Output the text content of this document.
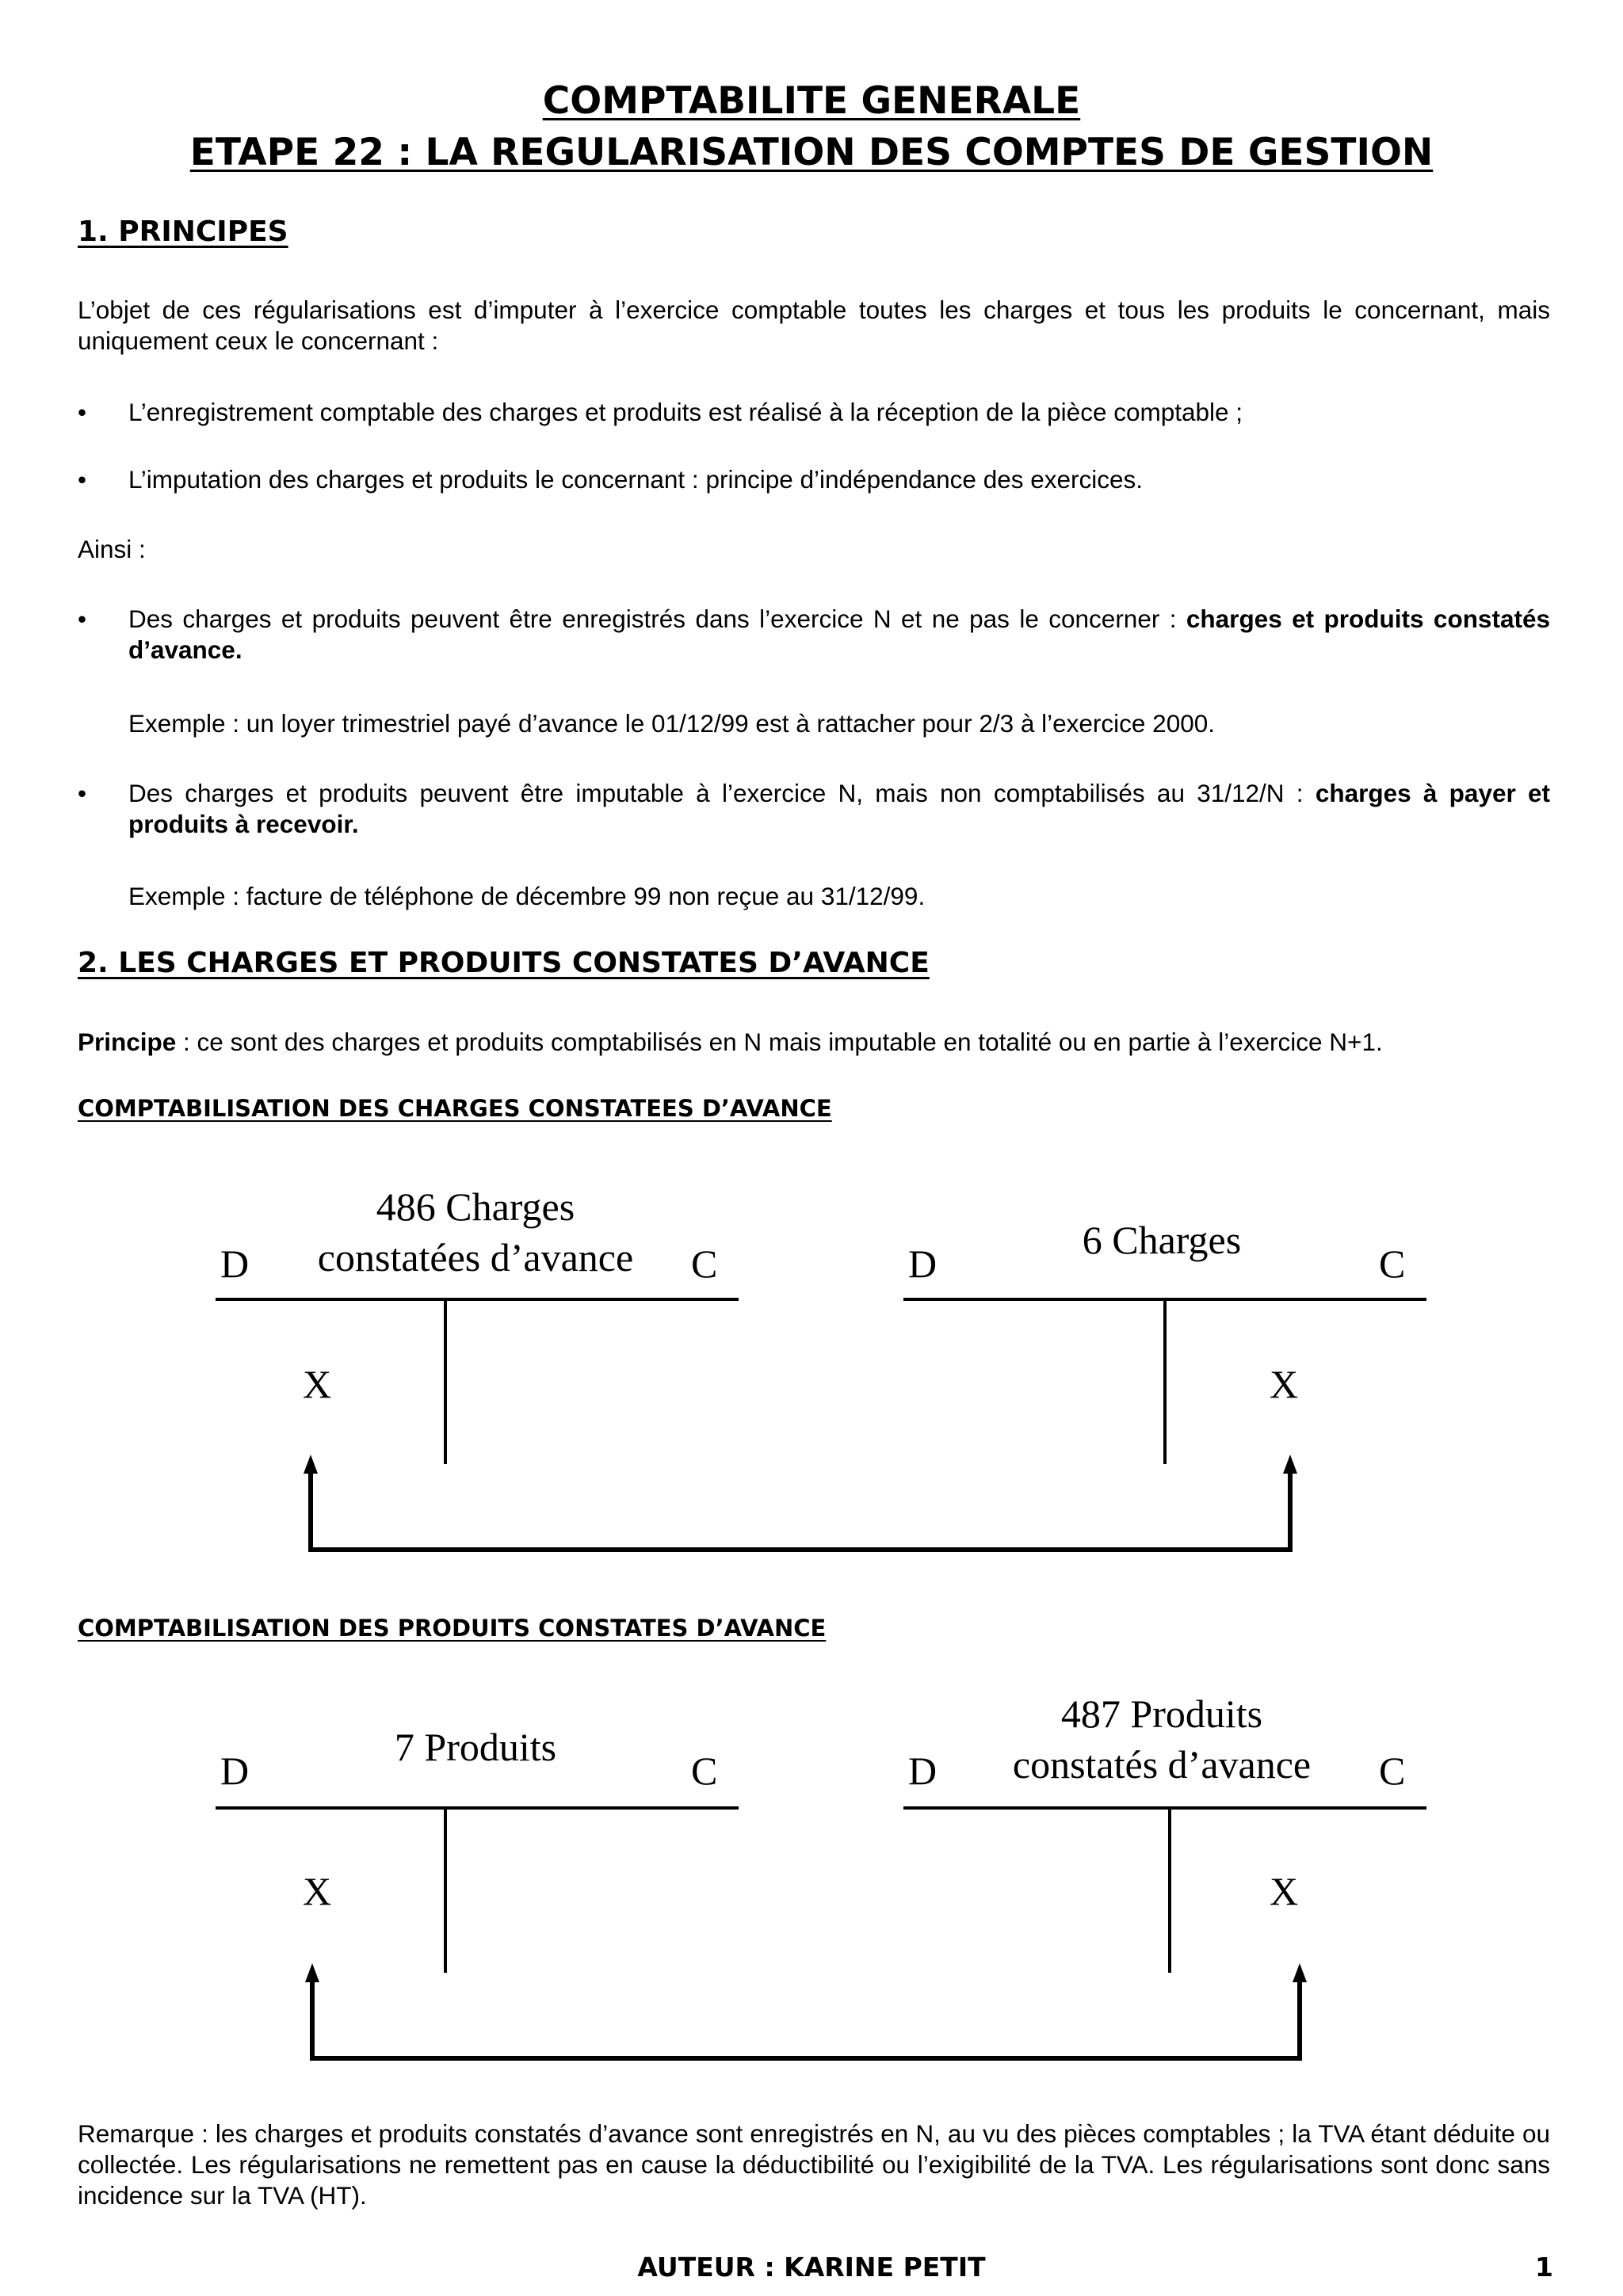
COMPTABILITE GENERALE
ETAPE 22 : LA REGULARISATION DES COMPTES DE GESTION
1. PRINCIPES

L’objet de ces régularisations est d’imputer à l’exercice comptable toutes les charges et tous les produits le concernant, mais uniquement ceux le concernant :

•	L’enregistrement comptable des charges et produits est réalisé à la réception de la pièce comptable ;
•	L’imputation des charges et produits le concernant : principe d’indépendance des exercices.

Ainsi :

•	Des charges et produits peuvent être enregistrés dans l’exercice N et ne pas le concerner : charges et produits constatés d’avance.
Exemple : un loyer trimestriel payé d’avance le 01/12/99 est à rattacher pour 2/3 à l’exercice 2000.
•	Des charges et produits peuvent être imputable à l’exercice N, mais non comptabilisés au 31/12/N : charges à payer et produits à recevoir.
Exemple : facture de téléphone de décembre 99 non reçue au 31/12/99.
2. LES CHARGES ET PRODUITS CONSTATES D’AVANCE

Principe : ce sont des charges et produits comptabilisés en N mais imputable en totalité ou en partie à l’exercice N+1.

COMPTABILISATION DES CHARGES CONSTATEES D’AVANCE
486 Charges
constatées d’avance
D	C
X
6 Charges
D	C
X
COMPTABILISATION DES PRODUITS CONSTATES D’AVANCE
7 Produits
D	C
X
487 Produits
constatés d’avance
D	C
X

Remarque : les charges et produits constatés d’avance sont enregistrés en N, au vu des pièces comptables ; la TVA étant déduite ou collectée. Les régularisations ne remettent pas en cause la déductibilité ou l’exigibilité de la TVA. Les régularisations sont donc sans incidence sur la TVA (HT).

AUTEUR : KARINE PETIT	1
